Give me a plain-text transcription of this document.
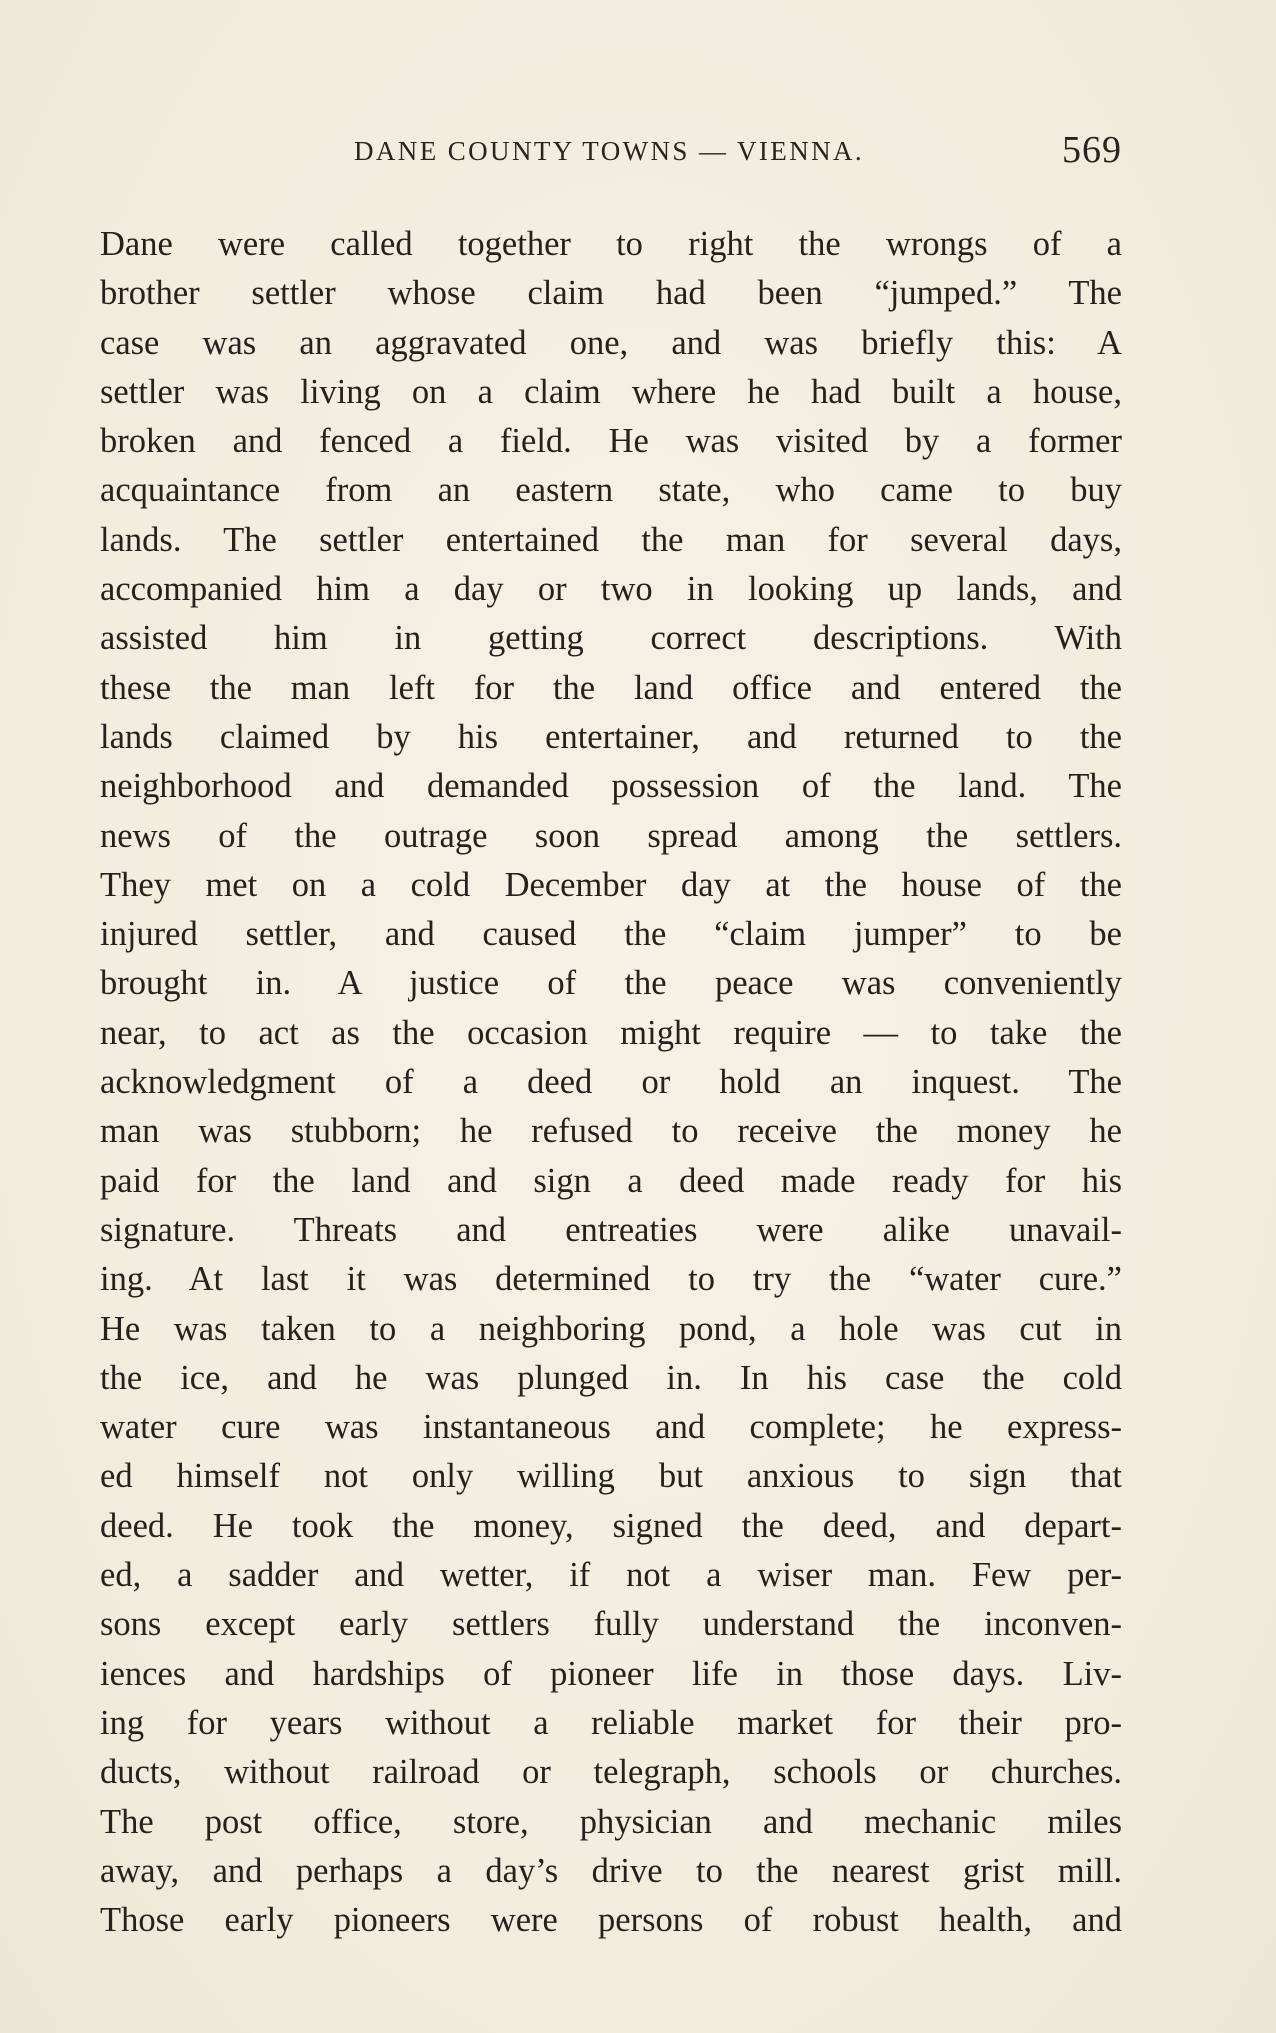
DANE COUNTY TOWNS — VIENNA.	569
Dane were called together to right the wrongs of a
brother settler whose claim had been “jumped.” The
case was an aggravated one, and was briefly this: A
settler was living on a claim where he had built a house,
broken and fenced a field. He was visited by a former
acquaintance from an eastern state, who came to buy
lands. The settler entertained the man for several days,
accompanied him a day or two in looking up lands, and
assisted him in getting correct descriptions. With
these the man left for the land office and entered the
lands claimed by his entertainer, and returned to the
neighborhood and demanded possession of the land. The
news of the outrage soon spread among the settlers.
They met on a cold December day at the house of the
injured settler, and caused the “claim jumper” to be
brought in. A justice of the peace was conveniently
near, to act as the occasion might require — to take the
acknowledgment of a deed or hold an inquest. The
man was stubborn; he refused to receive the money he
paid for the land and sign a deed made ready for his
signature. Threats and entreaties were alike unavail-
ing. At last it was determined to try the “water cure.”
He was taken to a neighboring pond, a hole was cut in
the ice, and he was plunged in. In his case the cold
water cure was instantaneous and complete; he express-
ed himself not only willing but anxious to sign that
deed. He took the money, signed the deed, and depart-
ed, a sadder and wetter, if not a wiser man. Few per-
sons except early settlers fully understand the inconven-
iences and hardships of pioneer life in those days. Liv-
ing for years without a reliable market for their pro-
ducts, without railroad or telegraph, schools or churches.
The post office, store, physician and mechanic miles
away, and perhaps a day’s drive to the nearest grist mill.
Those early pioneers were persons of robust health, and
